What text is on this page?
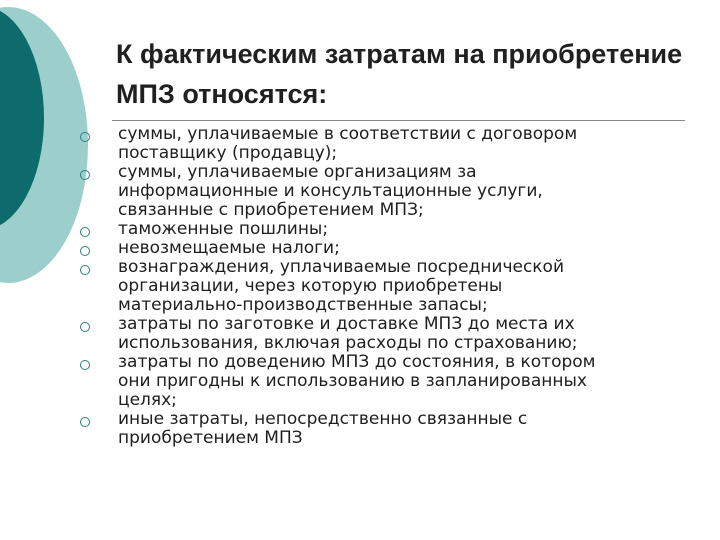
К фактическим затратам на приобретение МПЗ относятся:
суммы, уплачиваемые в соответствии с договором
поставщику (продавцу);
суммы, уплачиваемые организациям за
информационные и консультационные услуги,
связанные с приобретением МПЗ;
таможенные пошлины;
невозмещаемые налоги;
вознаграждения, уплачиваемые посреднической
организации, через которую приобретены
материально-производственные запасы;
затраты по заготовке и доставке МПЗ до места их
использования, включая расходы по страхованию;
затраты по доведению МПЗ до состояния, в котором
они пригодны к использованию в запланированных
целях;
иные затраты, непосредственно связанные с
приобретением МПЗ
